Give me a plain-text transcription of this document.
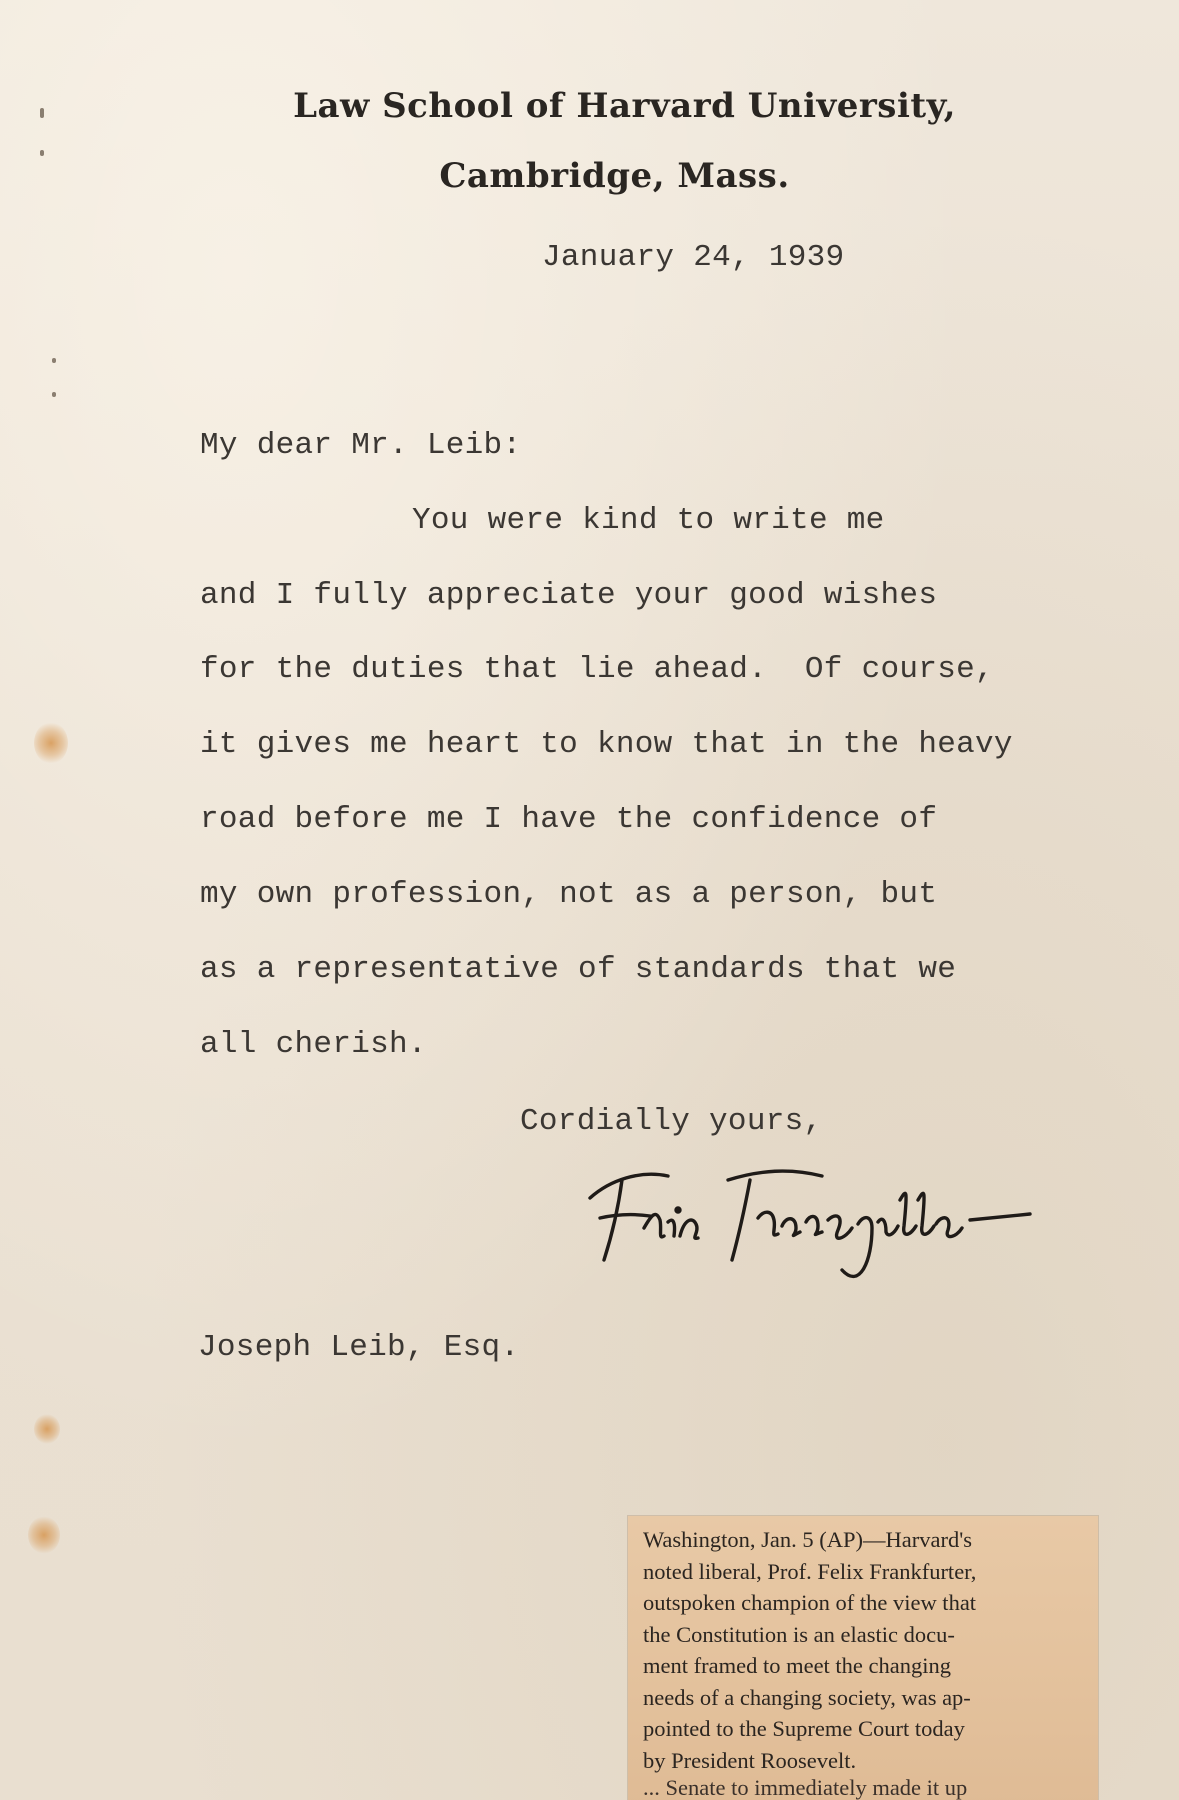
Law School of Harvard University,
Cambridge, Mass.
January 24, 1939
My dear Mr. Leib:
You were kind to write me
and I fully appreciate your good wishes
for the duties that lie ahead.  Of course,
it gives me heart to know that in the heavy
road before me I have the confidence of
my own profession, not as a person, but
as a representative of standards that we
all cherish.
Cordially yours,
Joseph Leib, Esq.
Washington, Jan. 5 (AP)—Harvard's
noted liberal, Prof. Felix Frankfurter,
outspoken champion of the view that
the Constitution is an elastic docu-
ment framed to meet the changing
needs of a changing society, was ap-
pointed to the Supreme Court today
by President Roosevelt.
... Senate to immediately made it up
